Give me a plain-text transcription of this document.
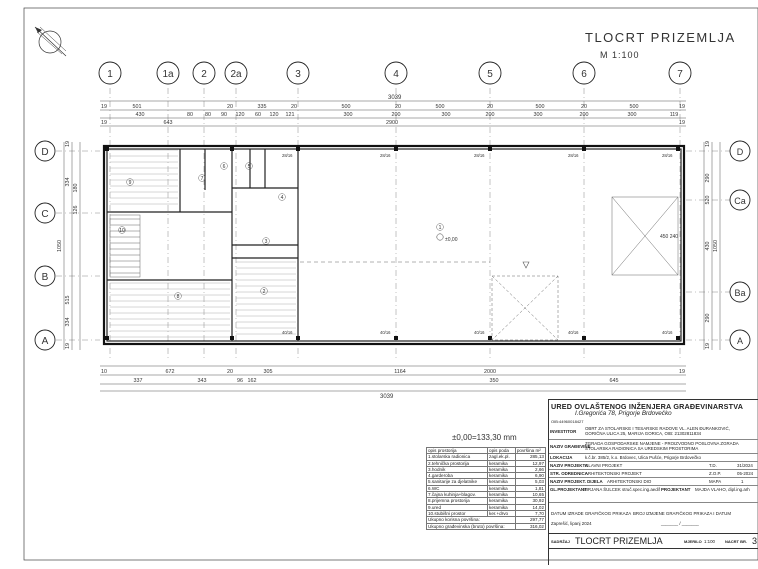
TLOCRT PRIZEMLJA
M 1:100
1	1a	2 2a	3	4	5	6	7
D
C
B
A
D
Ca
Ba
A
3039
19	501	20	335	20	500	20	500	20	500	20	500	19
430	80 80 90 120 60 120 121	300	200	300	200	300	200	300	119
19	643	2900	19
3039
10	672	20	305	1164	2000	19
337	343	96 162	350	645
19
334
1050
515
334
19
180
126
19
290
520
430 1050
290
19
28/16
40/16
28/16
40/16
28/16
40/16
28/16
40/16
28/16
40/16
450 240
1
2
3
4
5
6
7
8
9
10
±0,00
±0,00=133,30 mm
opis prostorija	opis poda	površina m²
1.stolarska radionica	zagl.ek.pl.	285,13
2.tehnička prostorija	keramika	12,97
3.hodnik	keramika	2,66
4.garderoba	keramika	6,90
5.sanitarije za djelatnike	keramika	5,03
6.WC	keramika	1,81
7.čajna kuhinja+blagov.	keramika	10,65
8.prijemna prostorija	keramika	30,92
9.ured	keramika	14,02
10.stubišni prostor	ker.+drvo	7,70
Ukupno korisna površina:		297,77
Ukupno građevinska (bruto) površina:		316,02
URED OVLAŠTENOG INŽENJERA GRAĐEVINARSTVA
I.Gregorića 78, Prigorje Brdovečko
OIB:44960018427
INVESTITOR
OBRT ZA STOLARSKE I TESARSKE RADOVE VL. ALEN ĐURANKOVIĆ,
GORIČNA ULICA 25, MARIJA GORICA, OIB: 21302811834
NAZIV GRAĐEVINE
ZGRADA GOSPODARSKE NAMJENE - PROIZVODNO POSLOVNA ZGRADA
STOLARSKA RADIONICA SA UREDSKIM PROSTORIMA
LOKACIJA	k.č.br. 385/2, k.o. Brdovec, Ulica Pušće, Prigorje Brdovečko
NAZIV PROJEKTA
GLAVNI PROJEKT	T.D.	31/2024
STR. ODREDNICA
ARHITEKTONSKI PROJEKT	Z.O.P.	05-2024
NAZIV PROJEKT. DIJELA ARHITEKTONSKI DIO	MAPA	1
GL.PROJEKTANT
MIRJANA ŠULCEK struč.spec.ing.aedif PROJEKTANT MAJDA VLAHO, dipl.ing.arh
DATUM IZRADE GRAFIČKOG PRIKAZA
Zaprešić, lipanj 2024
BROJ IZMJENE GRAFIČKOG PRIKAZA I DATUM
_______ / _______
SADRŽAJ TLOCRT PRIZEMLJA	MJERILO 1:100	NACRT BR. 3
